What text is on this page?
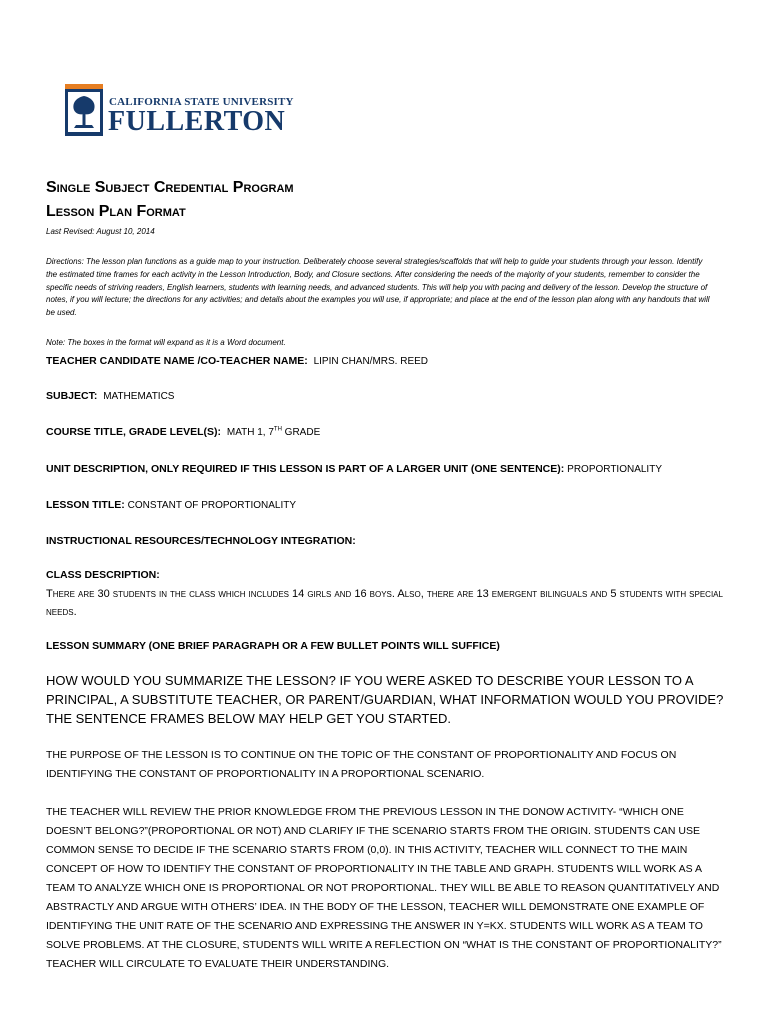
CALIFORNIA STATE UNIVERSITY
FULLERTON
Single Subject Credential Program
Lesson Plan Format
Last Revised: August 10, 2014
Directions: The lesson plan functions as a guide map to your instruction. Deliberately choose several strategies/scaffolds that will help to guide your students through your lesson. Identify the estimated time frames for each activity in the Lesson Introduction, Body, and Closure sections. After considering the needs of the majority of your students, remember to consider the specific needs of striving readers, English learners, students with learning needs, and advanced students. This will help you with pacing and delivery of the lesson. Develop the structure of notes, if you will lecture; the directions for any activities; and details about the examples you will use, if appropriate; and place at the end of the lesson plan along with any handouts that will be used.
Note: The boxes in the format will expand as it is a Word document.
TEACHER CANDIDATE NAME /CO-TEACHER NAME: LIPIN CHAN/MRS. REED
SUBJECT: MATHEMATICS
COURSE TITLE, GRADE LEVEL(S): MATH 1, 7TH GRADE
UNIT DESCRIPTION, ONLY REQUIRED IF THIS LESSON IS PART OF A LARGER UNIT (ONE SENTENCE): PROPORTIONALITY
LESSON TITLE: CONSTANT OF PROPORTIONALITY
INSTRUCTIONAL RESOURCES/TECHNOLOGY INTEGRATION:
CLASS DESCRIPTION:
There are 30 students in the class which includes 14 girls and 16 boys. Also, there are 13 emergent bilinguals and 5 students with special needs.
LESSON SUMMARY (ONE BRIEF PARAGRAPH OR A FEW BULLET POINTS WILL SUFFICE)
HOW WOULD YOU SUMMARIZE THE LESSON? IF YOU WERE ASKED TO DESCRIBE YOUR LESSON TO A PRINCIPAL, A SUBSTITUTE TEACHER, OR PARENT/GUARDIAN, WHAT INFORMATION WOULD YOU PROVIDE? THE SENTENCE FRAMES BELOW MAY HELP GET YOU STARTED.
THE PURPOSE OF THE LESSON IS TO CONTINUE ON THE TOPIC OF THE CONSTANT OF PROPORTIONALITY AND FOCUS ON IDENTIFYING THE CONSTANT OF PROPORTIONALITY IN A PROPORTIONAL SCENARIO.
THE TEACHER WILL REVIEW THE PRIOR KNOWLEDGE FROM THE PREVIOUS LESSON IN THE DONOW ACTIVITY- “WHICH ONE DOESN’T BELONG?”(PROPORTIONAL OR NOT) AND CLARIFY IF THE SCENARIO STARTS FROM THE ORIGIN. STUDENTS CAN USE COMMON SENSE TO DECIDE IF THE SCENARIO STARTS FROM (0,0). IN THIS ACTIVITY, TEACHER WILL CONNECT TO THE MAIN CONCEPT OF HOW TO IDENTIFY THE CONSTANT OF PROPORTIONALITY IN THE TABLE AND GRAPH. STUDENTS WILL WORK AS A TEAM TO ANALYZE WHICH ONE IS PROPORTIONAL OR NOT PROPORTIONAL. THEY WILL BE ABLE TO REASON QUANTITATIVELY AND ABSTRACTLY AND ARGUE WITH OTHERS’ IDEA. IN THE BODY OF THE LESSON, TEACHER WILL DEMONSTRATE ONE EXAMPLE OF IDENTIFYING THE UNIT RATE OF THE SCENARIO AND EXPRESSING THE ANSWER IN Y=KX. STUDENTS WILL WORK AS A TEAM TO SOLVE PROBLEMS. AT THE CLOSURE, STUDENTS WILL WRITE A REFLECTION ON “WHAT IS THE CONSTANT OF PROPORTIONALITY?” TEACHER WILL CIRCULATE TO EVALUATE THEIR UNDERSTANDING.
